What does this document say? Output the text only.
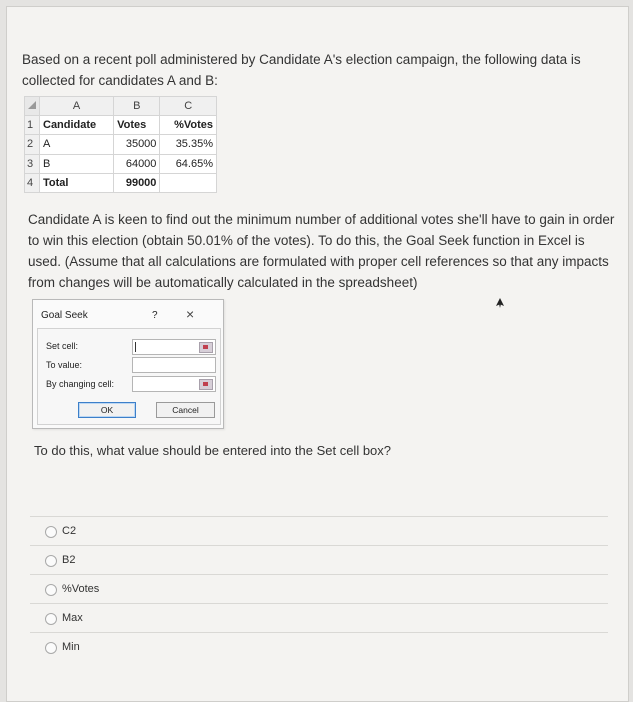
Based on a recent poll administered by Candidate A's election campaign, the following data is collected for candidates A and B:
	A	B	C
1	Candidate	Votes	%Votes
2	A	35000	35.35%
3	B	64000	64.65%
4	Total	99000	
Candidate A is keen to find out the minimum number of additional votes she'll have to gain in order to win this election (obtain 50.01% of the votes). To do this, the Goal Seek function in Excel is used. (Assume that all calculations are formulated with proper cell references so that any impacts from changes will be automatically calculated in the spreadsheet)
Goal Seek	? ×
Set cell:
To value:
By changing cell:
OK	Cancel
To do this, what value should be entered into the Set cell box?
C2
B2
%Votes
Max
Min
